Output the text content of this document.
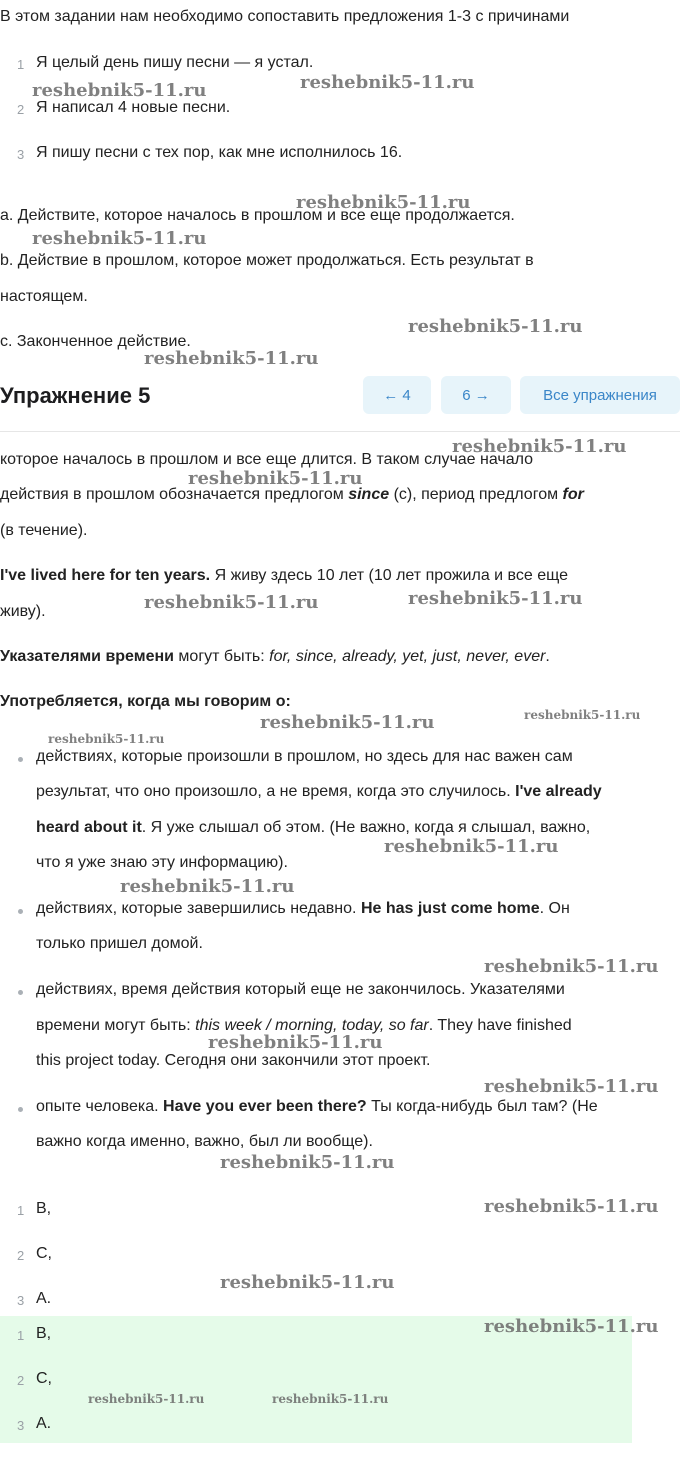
В этом задании нам необходимо сопоставить предложения 1-3 с причинами
1 Я целый день пишу песни — я устал.
2 Я написал 4 новые песни.
3 Я пишу песни с тех пор, как мне исполнилось 16.
a. Действите, которое началось в прошлом и все еще продолжается.
b. Действие в прошлом, которое может продолжаться. Есть результат в
настоящем.
c. Законченное действие.
Упражнение 5	← 4	6 →	Все упражнения
которое началось в прошлом и все еще длится. В таком случае начало
действия в прошлом обозначается предлогом since (с), период предлогом for
(в течение).
I've lived here for ten years. Я живу здесь 10 лет (10 лет прожила и все еще
живу).
Указателями времени могут быть: for, since, already, yet, just, never, ever.
Употребляется, когда мы говорим о:
действиях, которые произошли в прошлом, но здесь для нас важен сам
результат, что оно произошло, а не время, когда это случилось. I've already
heard about it. Я уже слышал об этом. (Не важно, когда я слышал, важно,
что я уже знаю эту информацию).
действиях, которые завершились недавно. He has just come home. Он
только пришел домой.
действиях, время действия который еще не закончилось. Указателями
времени могут быть: this week / morning, today, so far. They have finished
this project today. Сегодня они закончили этот проект.
опыте человека. Have you ever been there? Ты когда-нибудь был там? (Не
важно когда именно, важно, был ли вообще).
1 B,
2 C,
3 A.
1 B,
2 C,
3 A.
reshebnik5-11.ru
reshebnik5-11.ru
reshebnik5-11.ru
reshebnik5-11.ru
reshebnik5-11.ru
reshebnik5-11.ru
reshebnik5-11.ru
reshebnik5-11.ru
reshebnik5-11.ru	reshebnik5-11.ru
reshebnik5-11.ru	reshebnik5-11.ru
reshebnik5-11.ru
reshebnik5-11.ru
reshebnik5-11.ru
reshebnik5-11.ru
reshebnik5-11.ru
reshebnik5-11.ru
reshebnik5-11.ru
reshebnik5-11.ru
reshebnik5-11.ru
reshebnik5-11.ru
reshebnik5-11.ru	reshebnik5-11.ru
